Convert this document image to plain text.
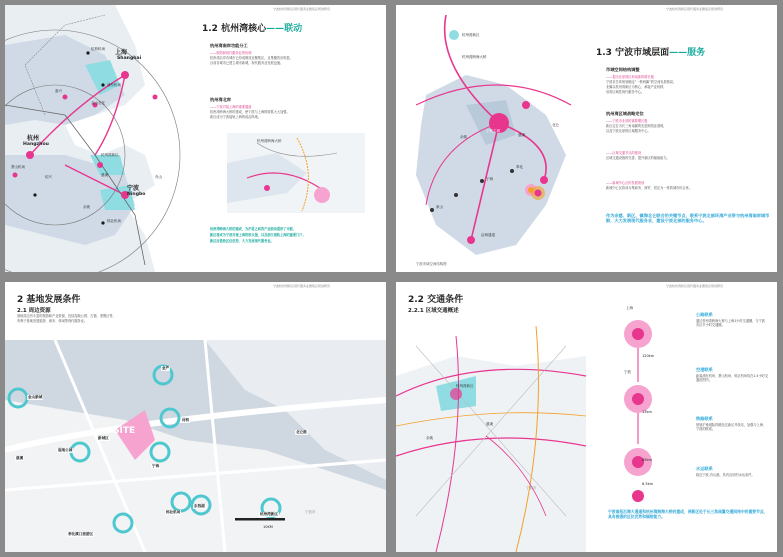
宁波杭州湾新区现代服务业聚集区规划研究
上海
Shanghai
杭州
Hangzhou
宁波
Ningbo
虹桥机场
浦东机场
金山石化
嘉兴
绍兴	慈溪
萧山机场
栎社机场
余姚
舟山
杭州湾新区
1.2 杭州湾核心——联动
杭州湾南岸功能分工
——制造和现代服务业的协调
杭州湾沿岸各城市已形成制造业聚集区，且集聚效应明显。
目前各城市已建立城市新城，现代服务业发展迅速。
杭州湾北岸
——宁波对接上海的重要通道
杭州湾跨海大桥的建成，使宁波与上海的联系大大加强。
新区成为宁波接轨上海的前沿阵地。
杭州湾跨海大桥
杭州湾跨海大桥的建成，为沪甬之间的产业联动提供了可能，
新区将成为宁波对接上海的桥头堡，以及浙江接轨上海的重要门户。
新区应借助区位优势，大力发展现代服务业。
宁波杭州湾新区现代服务业聚集区规划研究
宁波主城
慈溪
余姚
北仑
奉化
宁海
象山
杭州湾跨海大桥
沿海通道
杭州湾新区
宁波市域空间结构图
1.3 宁波市域层面——服务
市域空间结构调整
——提出北部湾区形成新的增长极
宁波市总体规划确定“一核两翼”的空间发展格局，
北翼以杭州湾新区为核心，承接产业转移，
培育区域性现代服务中心。
杭州湾区域战略定位
——宁波市北部的重要增长极
新区定位为长三角南翼的先进制造业基地，
以及宁波北部的区域服务中心。
——区域交通节点的建设
区域交通设施的完善，提升新区的辐射能力。
——新城中心区的发展规划
新城中心区将成为集商务、商贸、居住为一体的城市综合体。
作为余慈、新区、镇海北仑联合的关键节点，联系宁波北部环湾产业带与杭州湾南岸城市群，大力发展现代服务业，建设宁波北部的服务中心。
宁波杭州湾新区现代服务业聚集区规划研究
2 基地发展条件
2.1 周边资源
基地周边有丰富的旅游和产业资源，包括湿地公园、古镇、度假区等，
有利于基地发展旅游、商务、休闲等现代服务业。
SITE
10KM
金山新城
湿地公园
新城区
宁海
浔桥
金严
北仑港
慈溪
栎社机场
东钱湖
杭州湾新区
奉化溪口旅游区
宁波市
宁波杭州湾新区现代服务业聚集区规划研究
2.2 交通条件
2.2.1 区域交通概述
杭州湾新区
慈溪
余姚
宁波市
上海
宁波
120km
13km
85km
6.5km
公路联系
通过杭州湾跨海大桥与上海1小时交通圈，与宁波市区半小时交通圈。
空港联系
距离浦东机场、萧山机场、栎社机场均在1.5小时交通范围内。
铁路联系
规划沪甬城际铁路经过新区并设站，加强与上海、宁波的联系。
水运联系
临近宁波-舟山港，具有良好的水运条件。
宁波南拓沿海大通道和杭州湾跨海大桥的建成，使新区处于长三角南翼交通网络中的重要节点，具有极强的区位优势和辐射能力。
